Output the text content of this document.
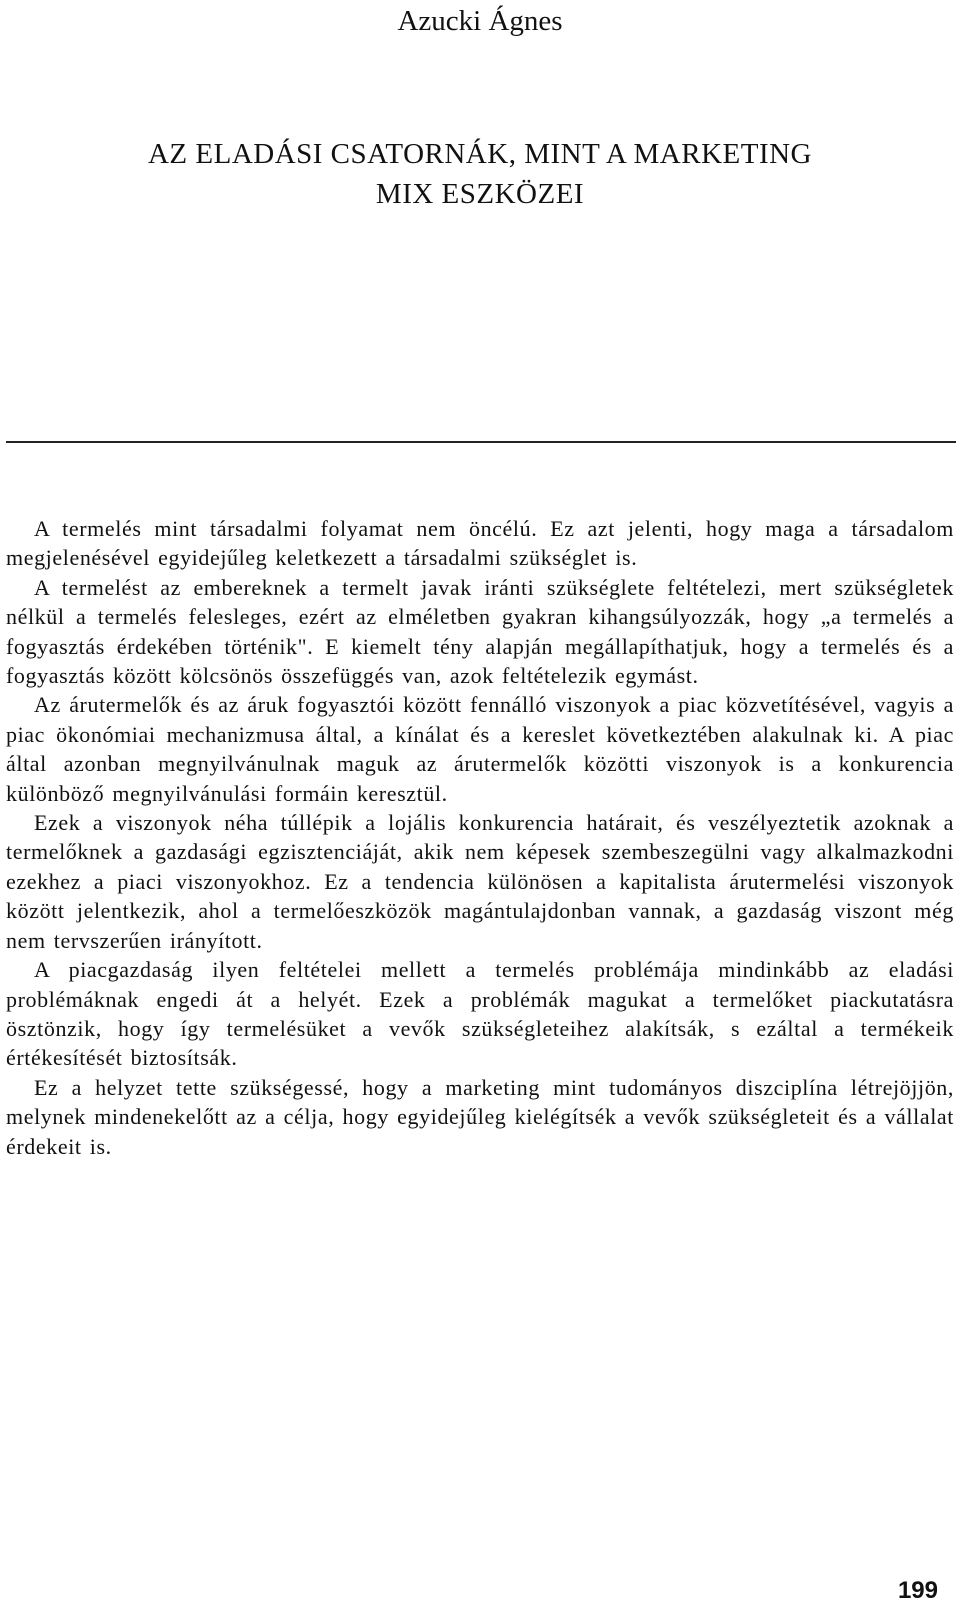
Azucki Ágnes
AZ ELADÁSI CSATORNÁK, MINT A MARKETING
MIX ESZKÖZEI

A termelés mint társadalmi folyamat nem öncélú. Ez azt jelenti, hogy maga a társadalom megjelenésével egyidejűleg keletkezett a társadalmi szükséglet is.

A termelést az embereknek a termelt javak iránti szükséglete feltételezi, mert szükségletek nélkül a termelés felesleges, ezért az elméletben gyakran kihangsúlyozzák, hogy „a termelés a fogyasztás érdekében történik". E kiemelt tény alapján megállapíthatjuk, hogy a termelés és a fogyasztás között kölcsönös összefüggés van, azok feltételezik egymást.

Az árutermelők és az áruk fogyasztói között fennálló viszonyok a piac közvetítésével, vagyis a piac ökonómiai mechanizmusa által, a kínálat és a kereslet következtében alakulnak ki. A piac által azonban megnyilvánulnak maguk az árutermelők közötti viszonyok is a konkurencia különböző megnyilvánulási formáin keresztül.

Ezek a viszonyok néha túllépik a lojális konkurencia határait, és veszélyeztetik azoknak a termelőknek a gazdasági egzisztenciáját, akik nem képesek szembeszegülni vagy alkalmazkodni ezekhez a piaci viszonyokhoz. Ez a tendencia különösen a kapitalista árutermelési viszonyok között jelentkezik, ahol a termelőeszközök magántulajdonban vannak, a gazdaság viszont még nem tervszerűen irányított.

A piacgazdaság ilyen feltételei mellett a termelés problémája mindinkább az eladási problémáknak engedi át a helyét. Ezek a problémák magukat a termelőket piackutatásra ösztönzik, hogy így termelésüket a vevők szükségleteihez alakítsák, s ezáltal a termékeik értékesítését biztosítsák.

Ez a helyzet tette szükségessé, hogy a marketing mint tudományos diszciplína létrejöjjön, melynek mindenekelőtt az a célja, hogy egyidejűleg kielégítsék a vevők szükségleteit és a vállalat érdekeit is.

199
